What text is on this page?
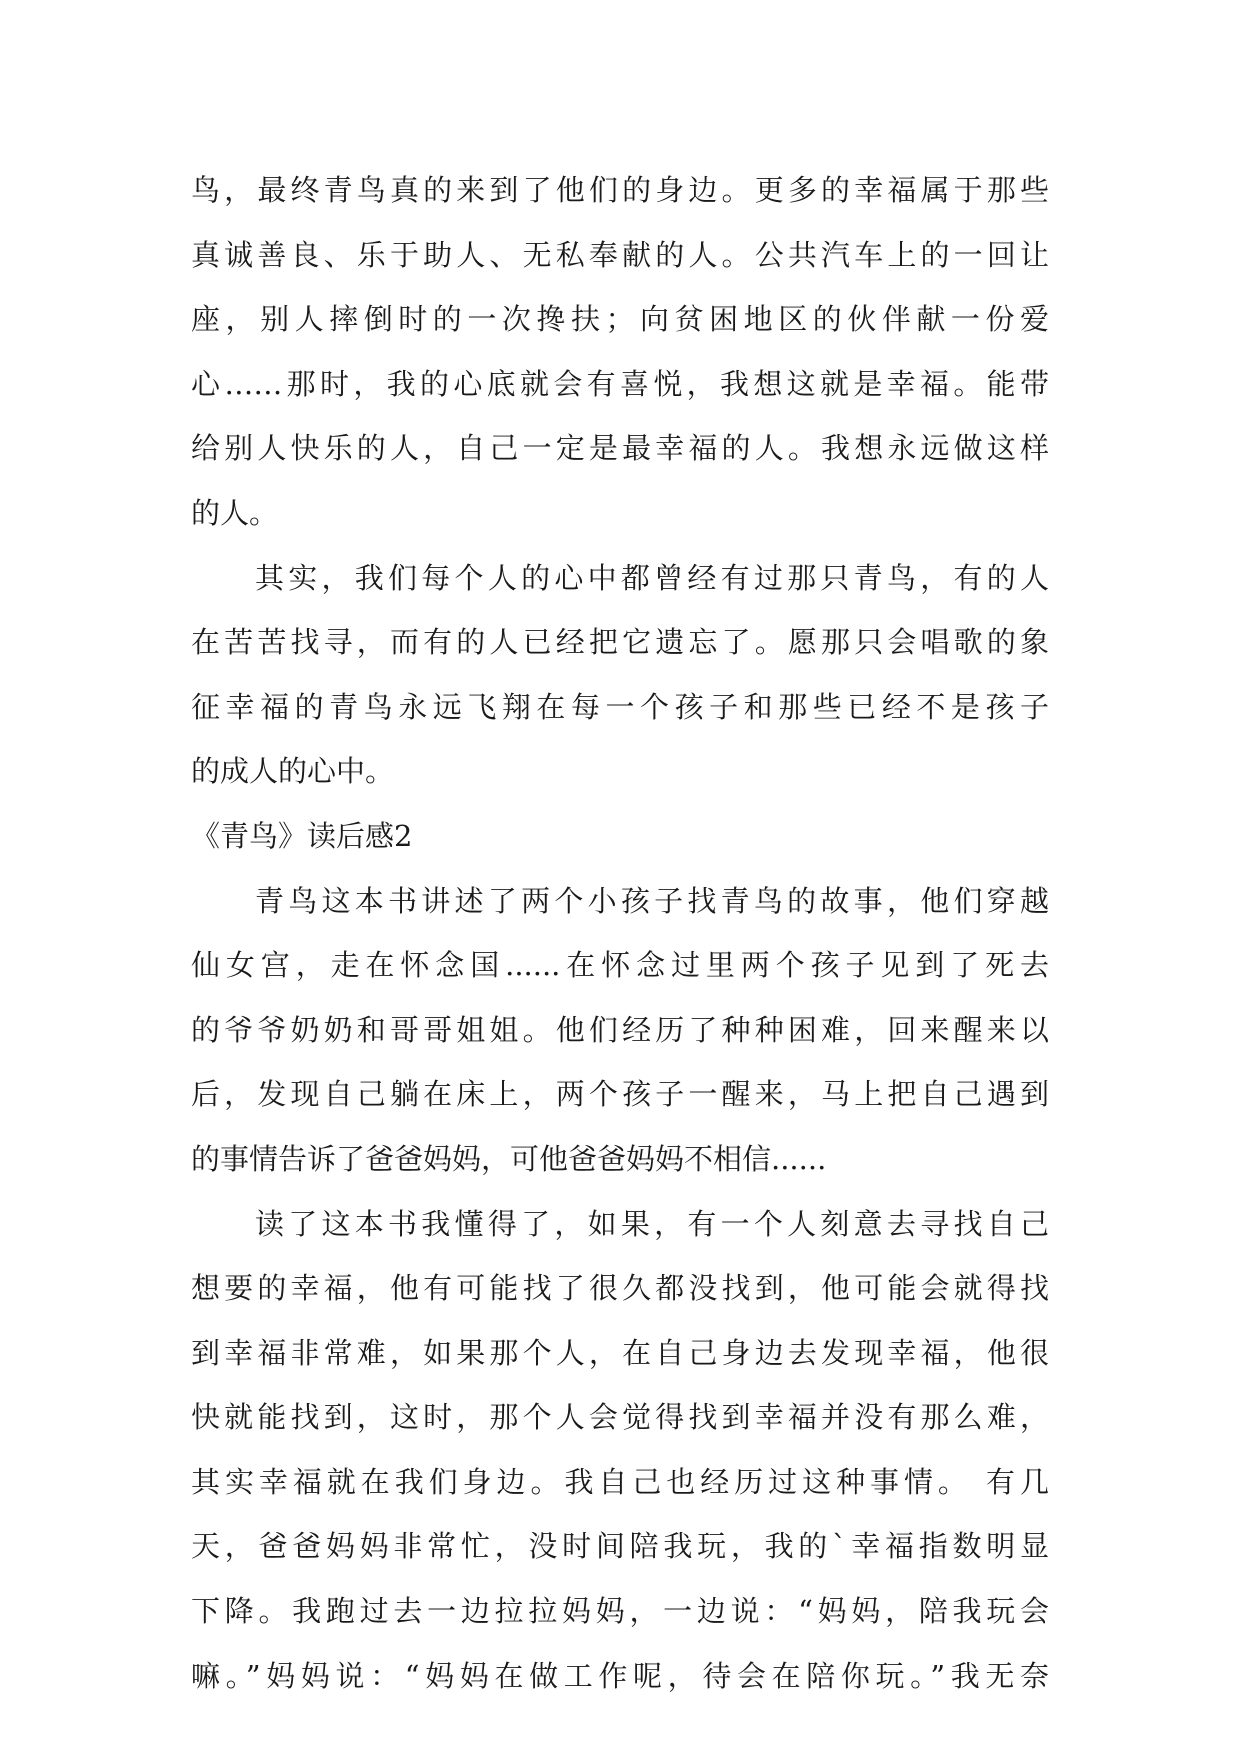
鸟，最终青鸟真的来到了他们的身边。更多的幸福属于那些
真诚善良、乐于助人、无私奉献的人。公共汽车上的一回让
座，别人摔倒时的一次搀扶；向贫困地区的伙伴献一份爱
心……那时，我的心底就会有喜悦，我想这就是幸福。能带
给别人快乐的人，自己一定是最幸福的人。我想永远做这样
的人。
其实，我们每个人的心中都曾经有过那只青鸟，有的人
在苦苦找寻，而有的人已经把它遗忘了。愿那只会唱歌的象
征幸福的青鸟永远飞翔在每一个孩子和那些已经不是孩子
的成人的心中。
《青鸟》读后感2
青鸟这本书讲述了两个小孩子找青鸟的故事，他们穿越
仙女宫，走在怀念国......在怀念过里两个孩子见到了死去
的爷爷奶奶和哥哥姐姐。他们经历了种种困难，回来醒来以
后，发现自己躺在床上，两个孩子一醒来，马上把自己遇到
的事情告诉了爸爸妈妈，可他爸爸妈妈不相信......
读了这本书我懂得了，如果，有一个人刻意去寻找自己
想要的幸福，他有可能找了很久都没找到，他可能会就得找
到幸福非常难，如果那个人，在自己身边去发现幸福，他很
快就能找到，这时，那个人会觉得找到幸福并没有那么难，
其实幸福就在我们身边。我自己也经历过这种事情。 有几
天，爸爸妈妈非常忙，没时间陪我玩，我的`幸福指数明显
下降。我跑过去一边拉拉妈妈，一边说：“妈妈，陪我玩会
嘛。”妈妈说：“妈妈在做工作呢，待会在陪你玩。”我无奈
